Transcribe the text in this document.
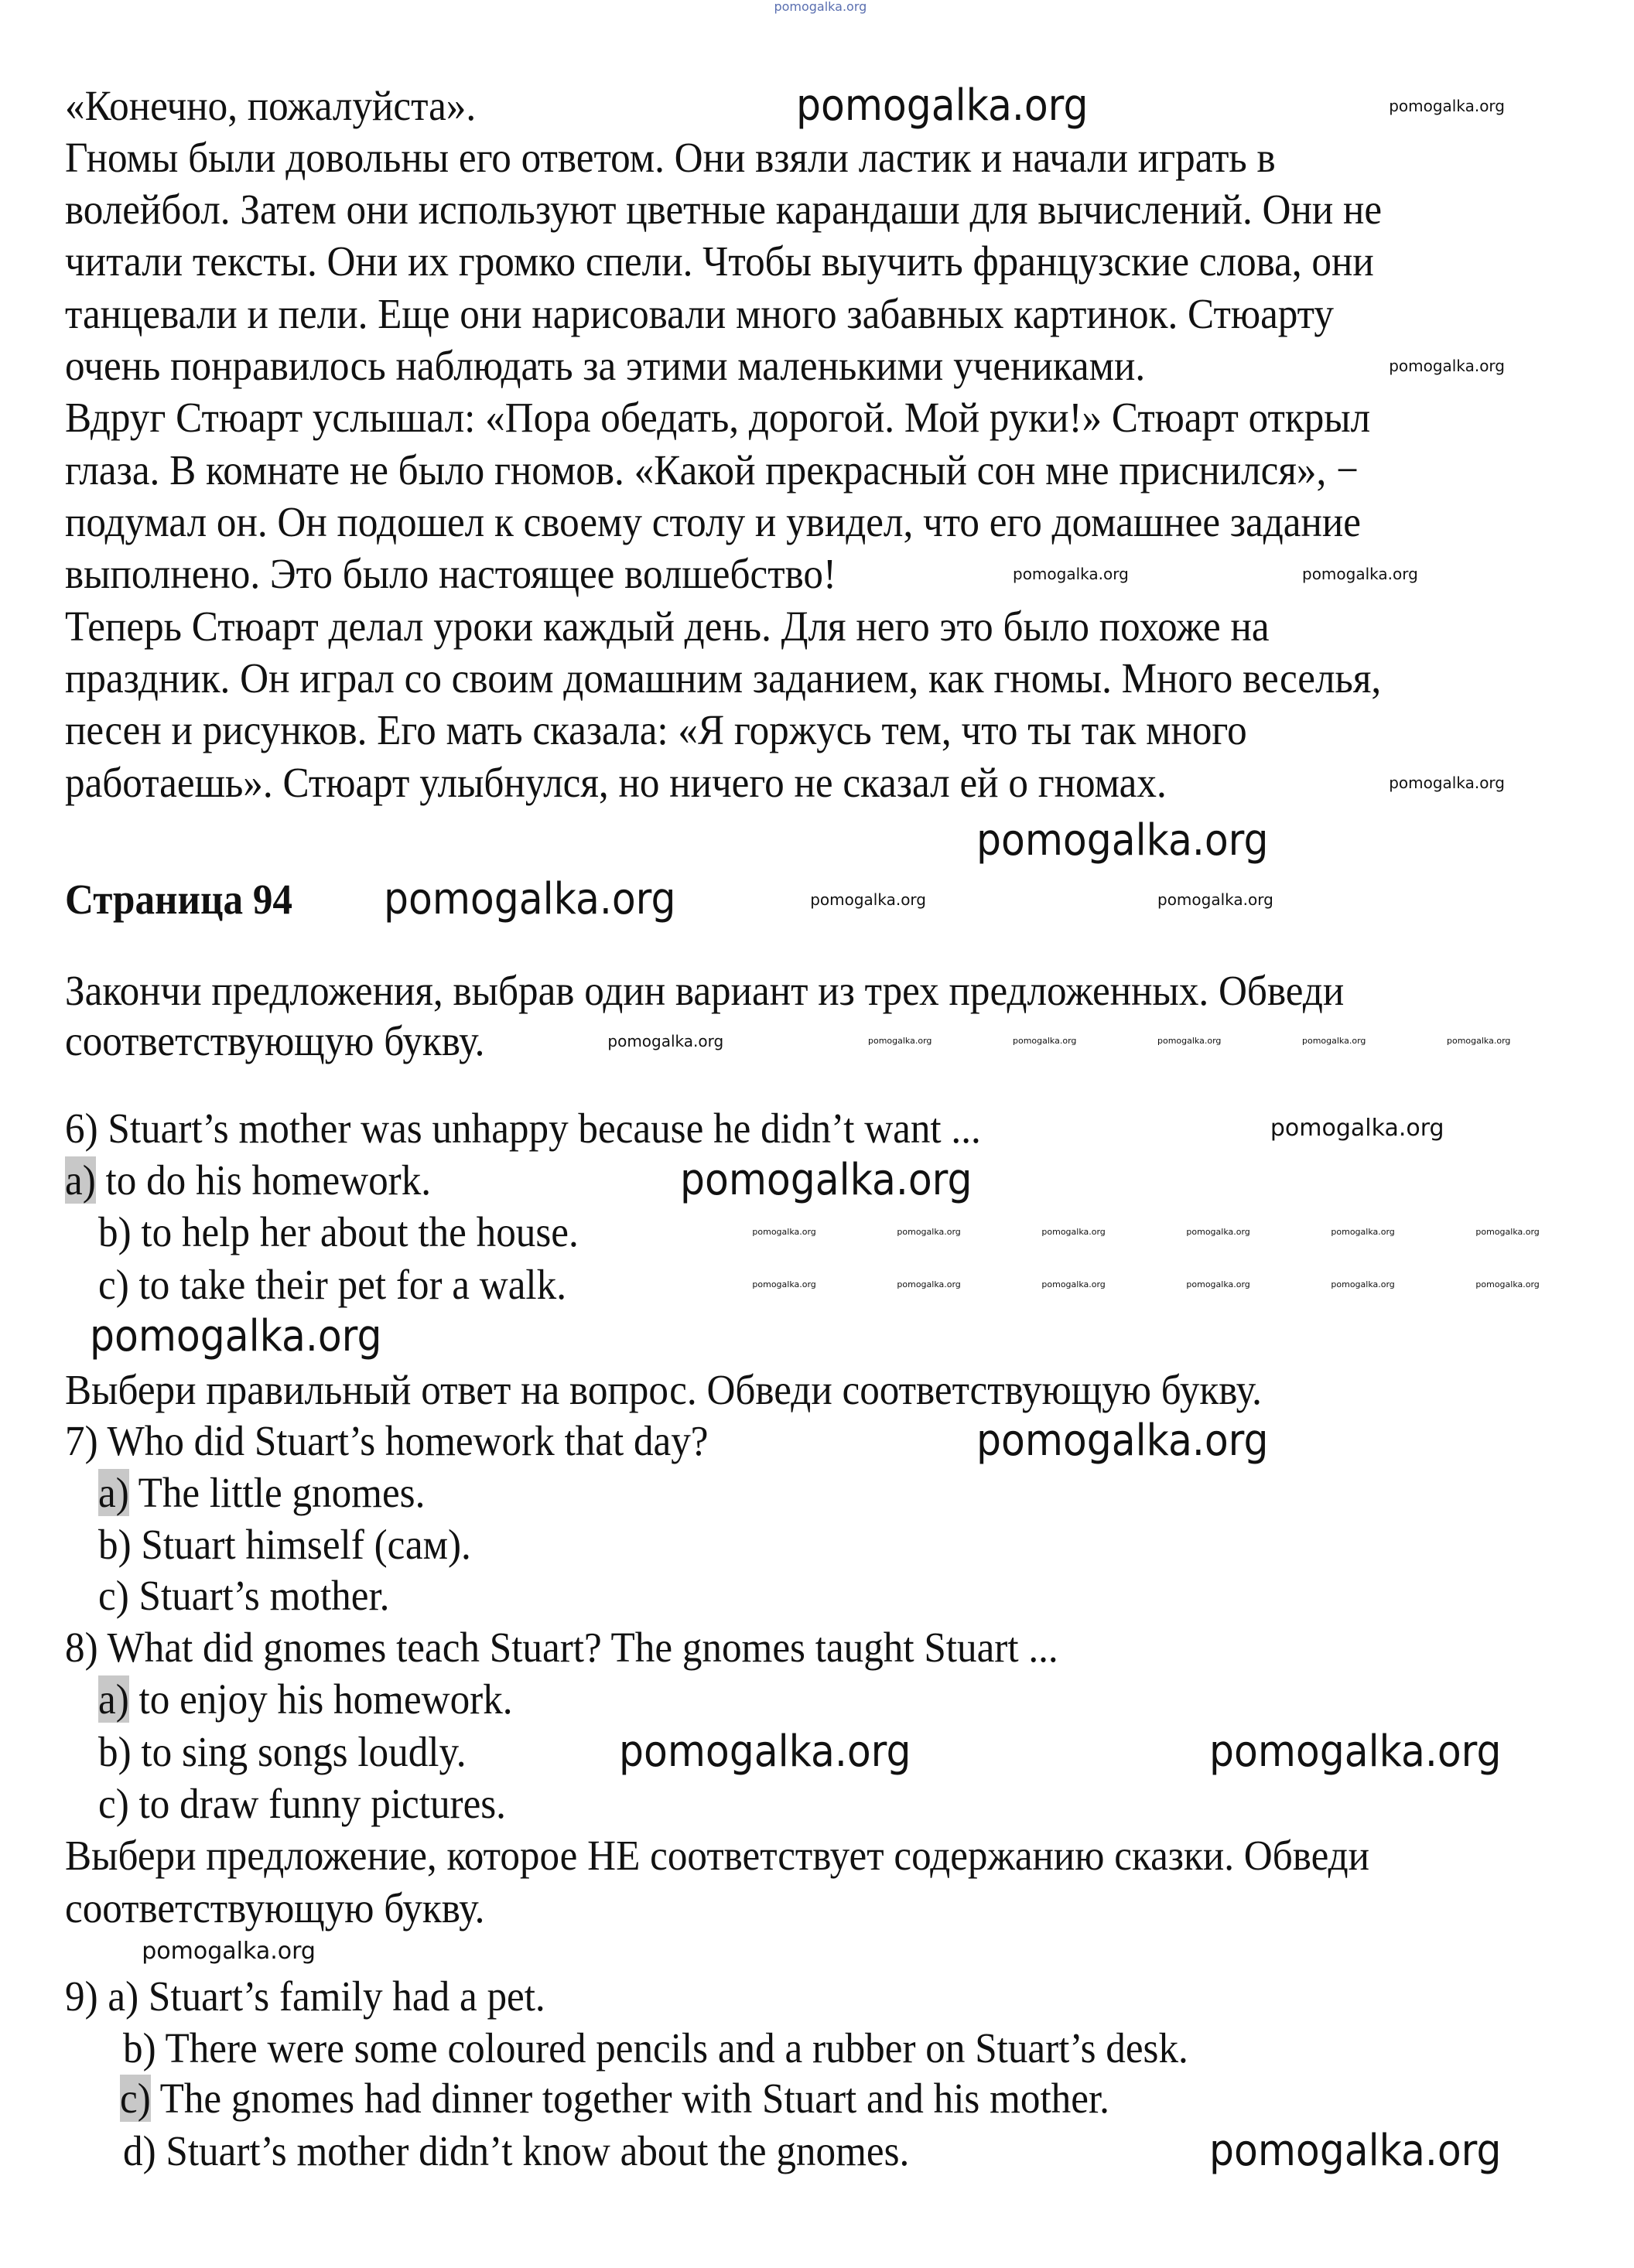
Страница 94
«Конечно, пожалуйста».
Гномы были довольны его ответом. Они взяли ластик и начали играть в
волейбол. Затем они используют цветные карандаши для вычислений. Они не
читали тексты. Они их громко спели. Чтобы выучить французские слова, они
танцевали и пели. Еще они нарисовали много забавных картинок. Стюарту
очень понравилось наблюдать за этими маленькими учениками.
Вдруг Стюарт услышал: «Пора обедать, дорогой. Мой руки!» Стюарт открыл
глаза. В комнате не было гномов. «Какой прекрасный сон мне приснился», −
подумал он. Он подошел к своему столу и увидел, что его домашнее задание
выполнено. Это было настоящее волшебство!
Теперь Стюарт делал уроки каждый день. Для него это было похоже на
праздник. Он играл со своим домашним заданием, как гномы. Много веселья,
песен и рисунков. Его мать сказала: «Я горжусь тем, что ты так много
работаешь». Стюарт улыбнулся, но ничего не сказал ей о гномах.
Закончи предложения, выбрав один вариант из трех предложенных. Обведи
соответствующую букву.
6) Stuart’s mother was unhappy because he didn’t want ...
a) to do his homework.
b) to help her about the house.
c) to take their pet for a walk.
Выбери правильный ответ на вопрос. Обведи соответствующую букву.
7) Who did Stuart’s homework that day?
a) The little gnomes.
b) Stuart himself (сам).
c) Stuart’s mother.
8) What did gnomes teach Stuart? The gnomes taught Stuart ...
a) to enjoy his homework.
b) to sing songs loudly.
c) to draw funny pictures.
Выбери предложение, которое НЕ соответствует содержанию сказки. Обведи
соответствующую букву.
9) a) Stuart’s family had a pet.
b) There were some coloured pencils and a rubber on Stuart’s desk.
c) The gnomes had dinner together with Stuart and his mother.
d) Stuart’s mother didn’t know about the gnomes.
pomogalka.org
pomogalka.org
pomogalka.org
pomogalka.org
pomogalka.org
pomogalka.org
pomogalka.org
pomogalka.org	pomogalka.org
pomogalka.org
pomogalka.org
pomogalka.org
pomogalka.org
pomogalka.org
pomogalka.org	pomogalka.org
pomogalka.org
pomogalka.org	pomogalka.org
pomogalka.org	pomogalka.org	pomogalka.org	pomogalka.org	pomogalka.org	pomogalka.org
pomogalka.org	pomogalka.org	pomogalka.org	pomogalka.org	pomogalka.org	pomogalka.org
pomogalka.org	pomogalka.org	pomogalka.org	pomogalka.org	pomogalka.org	pomogalka.org
